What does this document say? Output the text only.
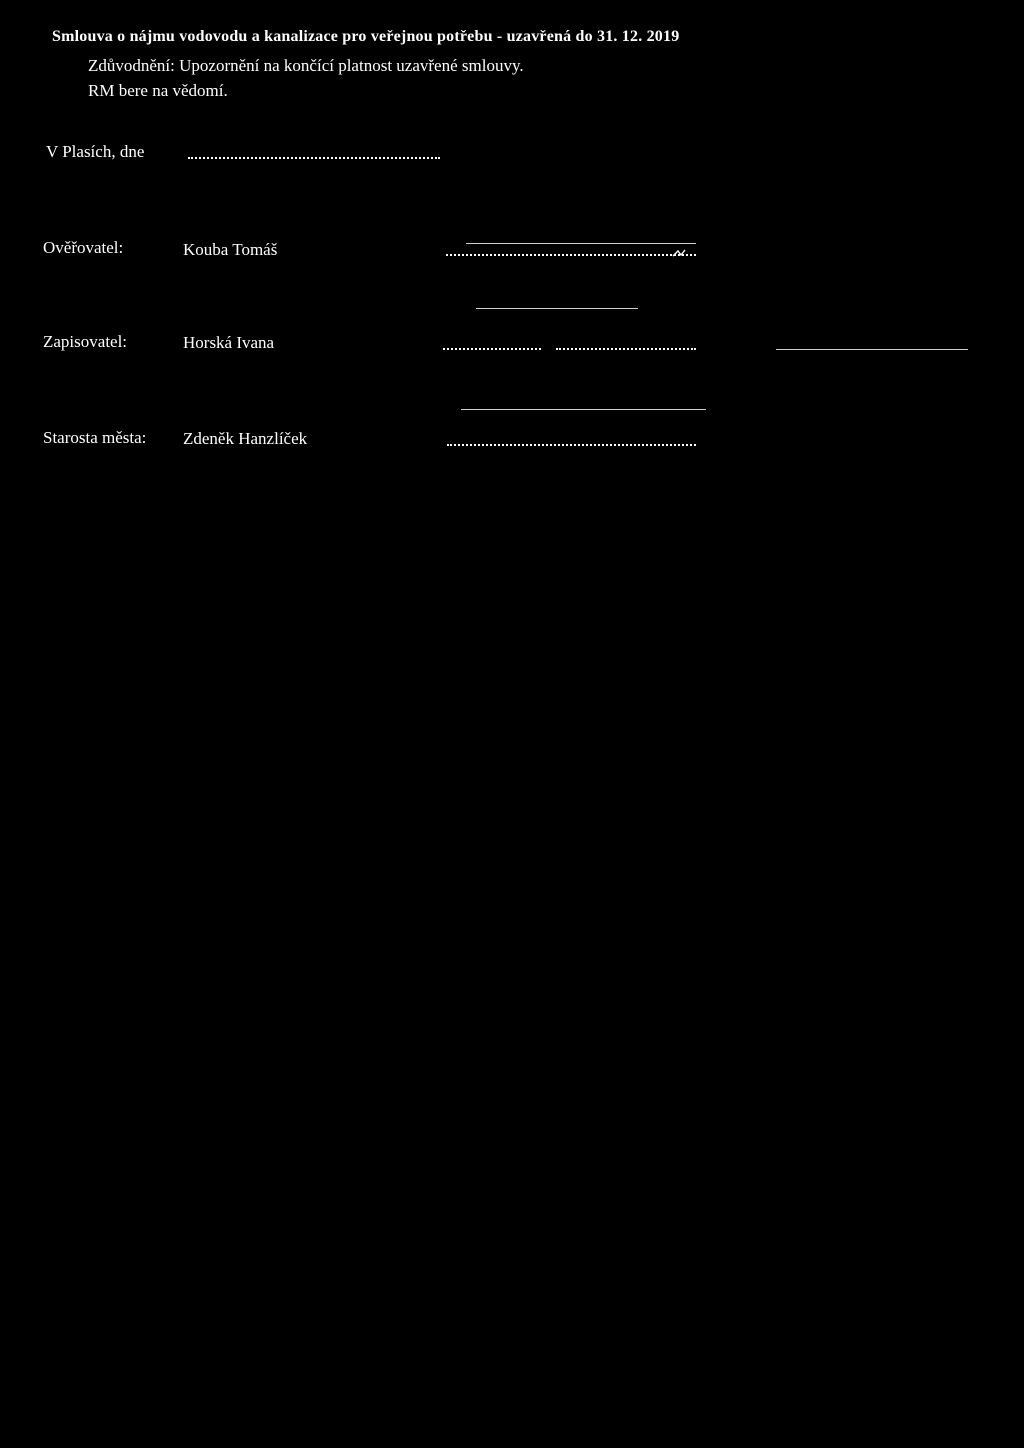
Smlouva o nájmu vodovodu a kanalizace pro veřejnou potřebu - uzavřená do 31. 12. 2019
Zdůvodnění: Upozornění na končící platnost uzavřené smlouvy.
RM bere na vědomí.
V Plasích, dne
Ověřovatel:	Kouba Tomáš
Zapisovatel:	Horská Ivana
Starosta města: Zdeněk Hanzlíček
